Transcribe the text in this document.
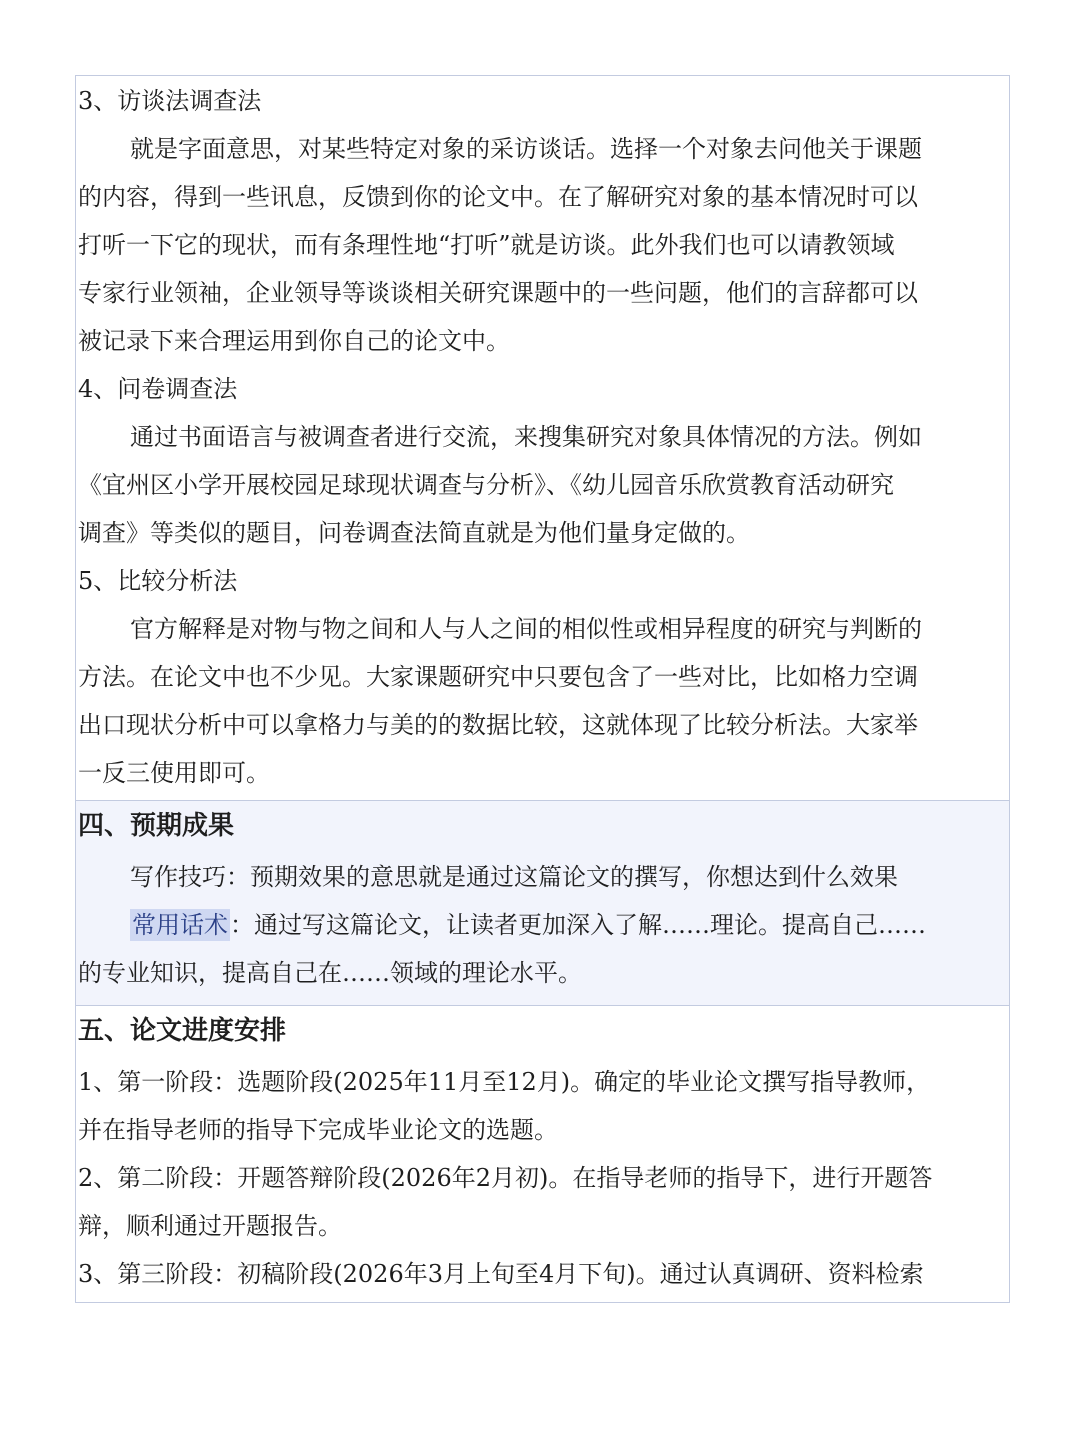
3、访谈法调查法
就是字面意思，对某些特定对象的采访谈话。选择一个对象去问他关于课题
的内容，得到一些讯息，反馈到你的论文中。在了解研究对象的基本情况时可以
打听一下它的现状，而有条理性地“打听”就是访谈。此外我们也可以请教领域
专家行业领袖，企业领导等谈谈相关研究课题中的一些问题，他们的言辞都可以
被记录下来合理运用到你自己的论文中。
4、问卷调查法
通过书面语言与被调查者进行交流，来搜集研究对象具体情况的方法。例如
《宜州区小学开展校园足球现状调查与分析》、《幼儿园音乐欣赏教育活动研究
调查》等类似的题目，问卷调查法简直就是为他们量身定做的。
5、比较分析法
官方解释是对物与物之间和人与人之间的相似性或相异程度的研究与判断的
方法。在论文中也不少见。大家课题研究中只要包含了一些对比，比如格力空调
出口现状分析中可以拿格力与美的的数据比较，这就体现了比较分析法。大家举
一反三使用即可。
四、预期成果
写作技巧：预期效果的意思就是通过这篇论文的撰写，你想达到什么效果
常用话术：通过写这篇论文，让读者更加深入了解……理论。提高自己……
的专业知识，提高自己在……领域的理论水平。
五、论文进度安排
1、第一阶段：选题阶段(2025年11月至12月)。确定的毕业论文撰写指导教师，
并在指导老师的指导下完成毕业论文的选题。
2、第二阶段：开题答辩阶段(2026年2月初)。在指导老师的指导下，进行开题答
辩，顺利通过开题报告。
3、第三阶段：初稿阶段(2026年3月上旬至4月下旬)。通过认真调研、资料检索
